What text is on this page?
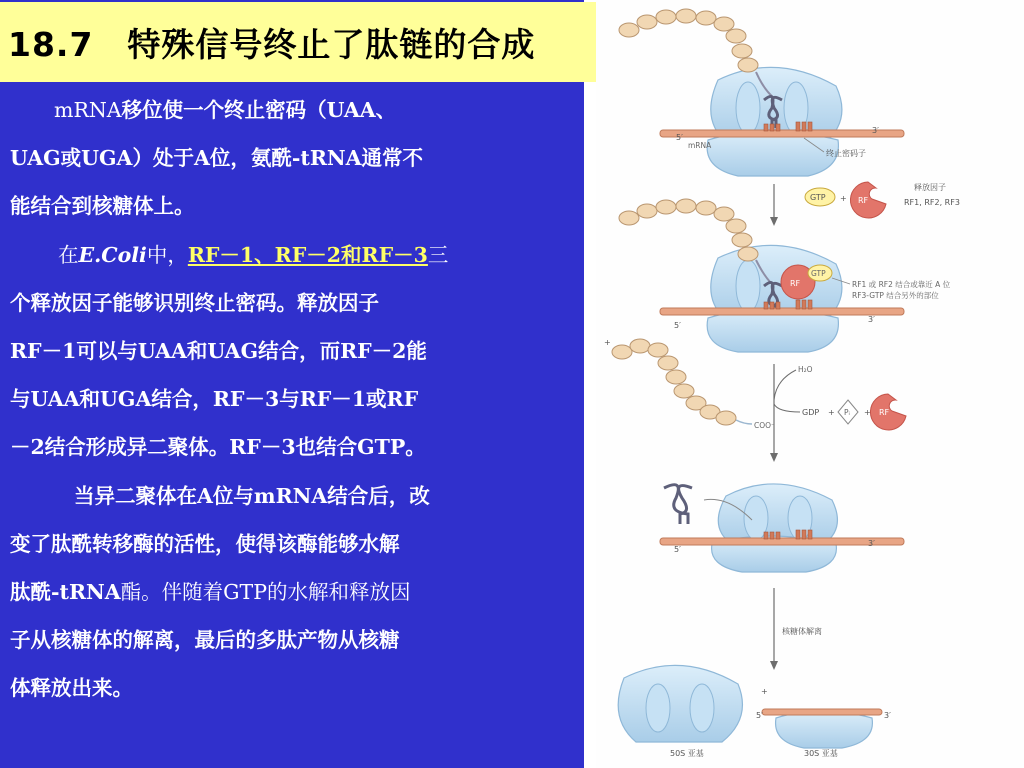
18.7　特殊信号终止了肽链的合成

mRNA移位使一个终止密码（UAA、

UAG或UGA）处于A位，氨酰-tRNA通常不

能结合到核糖体上。

在E.Coli中，RF－1、RF－2和RF－3三

个释放因子能够识别终止密码。释放因子

RF－1可以与UAA和UAG结合，而RF－2能

与UAA和UGA结合，RF－3与RF－1或RF

－2结合形成异二聚体。RF－3也结合GTP。

当异二聚体在A位与mRNA结合后，改

变了肽酰转移酶的活性，使得该酶能够水解

肽酰-tRNA酯。伴随着GTP的水解和释放因

子从核糖体的解离，最后的多肽产物从核糖

体释放出来。

5′
3′
mRNA
终止密码子
GTP + RF
释放因子
RF1, RF2, RF3
RF
GTP
5′
3′
RF1 或 RF2 结合或靠近 A 位
RF3-GTP 结合另外的部位
+
COO⁻
H₂O
GDP + Pᵢ + RF
5′
3′
核糖体解离
+
5′	3′
50S 亚基	30S 亚基
